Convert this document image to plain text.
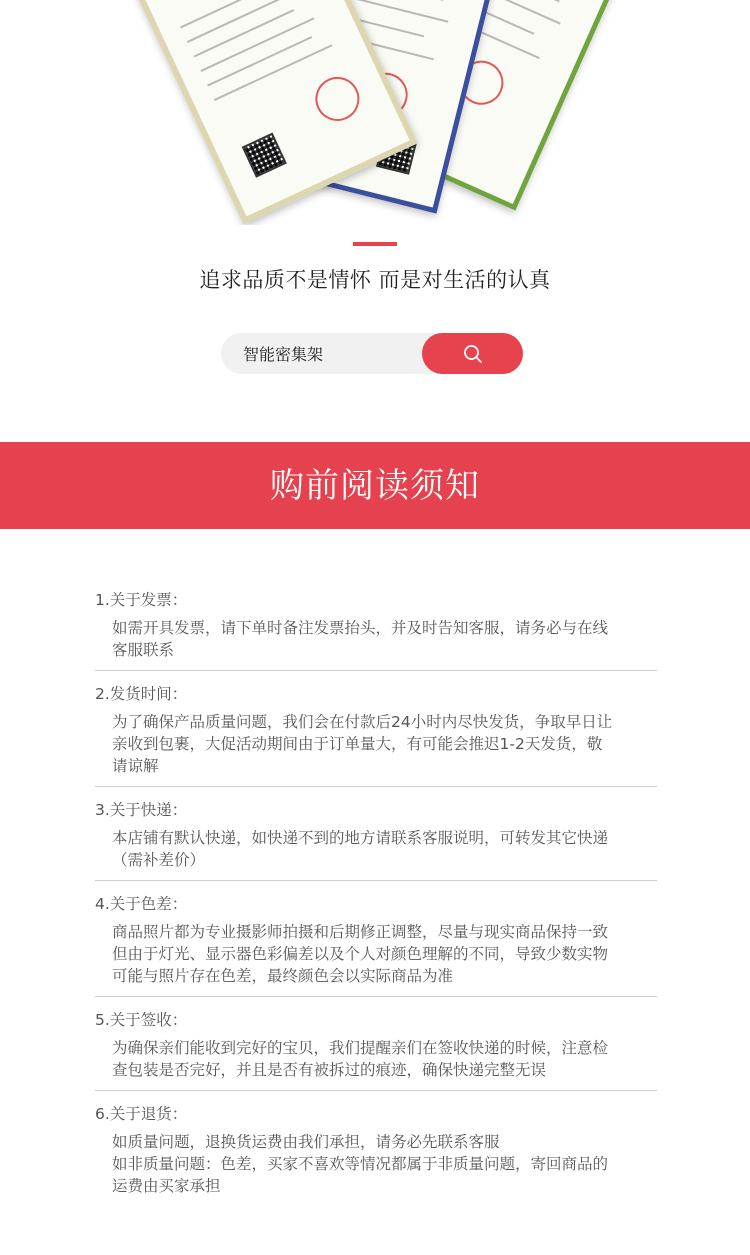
追求品质不是情怀 而是对生活的认真
智能密集架
购前阅读须知
1.关于发票：

如需开具发票，请下单时备注发票抬头，并及时告知客服，请务必与在线

客服联系

2.发货时间：

为了确保产品质量问题，我们会在付款后24小时内尽快发货，争取早日让

亲收到包裹，大促活动期间由于订单量大，有可能会推迟1-2天发货，敬

请谅解

3.关于快递：

本店铺有默认快递，如快递不到的地方请联系客服说明，可转发其它快递

（需补差价）

4.关于色差：

商品照片都为专业摄影师拍摄和后期修正调整，尽量与现实商品保持一致

但由于灯光、显示器色彩偏差以及个人对颜色理解的不同，导致少数实物

可能与照片存在色差，最终颜色会以实际商品为准

5.关于签收：

为确保亲们能收到完好的宝贝，我们提醒亲们在签收快递的时候，注意检

查包装是否完好，并且是否有被拆过的痕迹，确保快递完整无误

6.关于退货：

如质量问题，退换货运费由我们承担，请务必先联系客服

如非质量问题：色差，买家不喜欢等情况都属于非质量问题，寄回商品的

运费由买家承担
